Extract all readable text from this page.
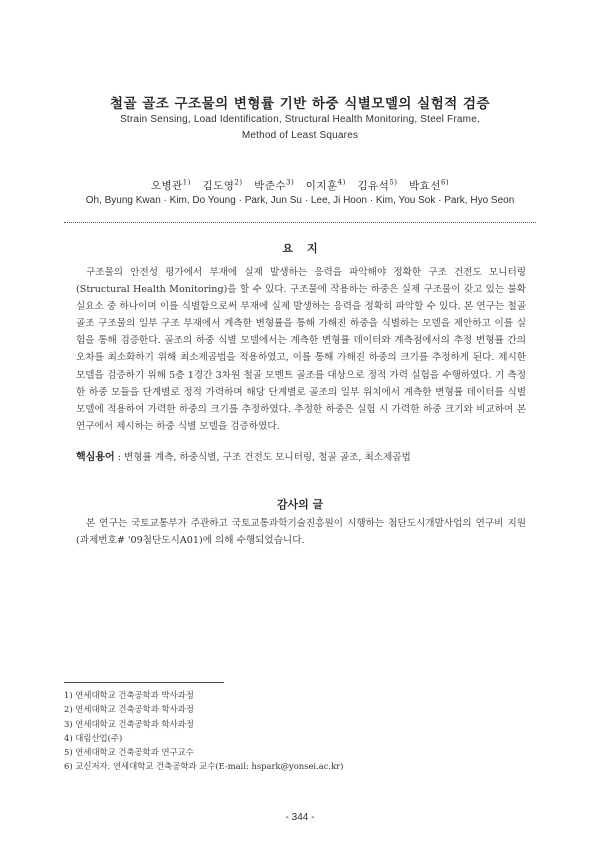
철골 골조 구조물의 변형률 기반 하중 식별모델의 실험적 검증
Strain Sensing, Load Identification, Structural Health Monitoring, Steel Frame,
Method of Least Squares
오병관$^{1)}$ 김도영$^{2)}$ 박준수$^{3)}$ 이지훈$^{4)}$ 김유석$^{5)}$ 박효선$^{6)}$
Oh, Byung Kwan · Kim, Do Young · Park, Jun Su · Lee, Ji Hoon · Kim, You Sok · Park, Hyo Seon
요지

구조물의 안전성 평가에서 부재에 실제 발생하는 응력을 파악해야 정확한 구조 건전도 모니터링(Structural Health Monitoring)을 할 수 있다. 구조물에 작용하는 하중은 실제 구조물이 갖고 있는 불확실요소 중 하나이며 이를 식별함으로써 부재에 실제 발생하는 응력을 정확히 파악할 수 있다. 본 연구는 철골 골조 구조물의 일부 구조 부재에서 계측한 변형률을 통해 가해진 하중을 식별하는 모델을 제안하고 이를 실험을 통해 검증한다. 골조의 하중 식별 모델에서는 계측한 변형률 데이터와 계측점에서의 추정 변형률 간의 오차를 최소화하기 위해 최소제곱법을 적용하였고, 이를 통해 가해진 하중의 크기를 추정하게 된다. 제시한 모델을 검증하기 위해 5층 1경간 3차원 철골 모멘트 골조를 대상으로 정적 가력 실험을 수행하였다. 기 측정한 하중 모듈을 단계별로 정적 가력하며 해당 단계별로 골조의 일부 위치에서 계측한 변형률 데이터를 식별 모델에 적용하여 가력한 하중의 크기를 추정하였다. 추정한 하중은 실험 시 가력한 하중 크기와 비교하여 본 연구에서 제시하는 하중 식별 모델을 검증하였다.

핵심용어 : 변형률 계측, 하중식별, 구조 건전도 모니터링, 철골 골조, 최소제곱법
감사의 글

본 연구는 국토교통부가 주관하고 국토교통과학기술진흥원이 시행하는 첨단도시개발사업의 연구비 지원(과제번호# '09첨단도시A01)에 의해 수행되었습니다.

1) 연세대학교 건축공학과 박사과정
2) 연세대학교 건축공학과 학사과정
3) 연세대학교 건축공학과 학사과정
4) 대림산업(주)
5) 연세대학교 건축공학과 연구교수
6) 교신저자. 연세대학교 건축공학과 교수(E-mail: hspark@yonsei.ac.kr)
- 344 -
